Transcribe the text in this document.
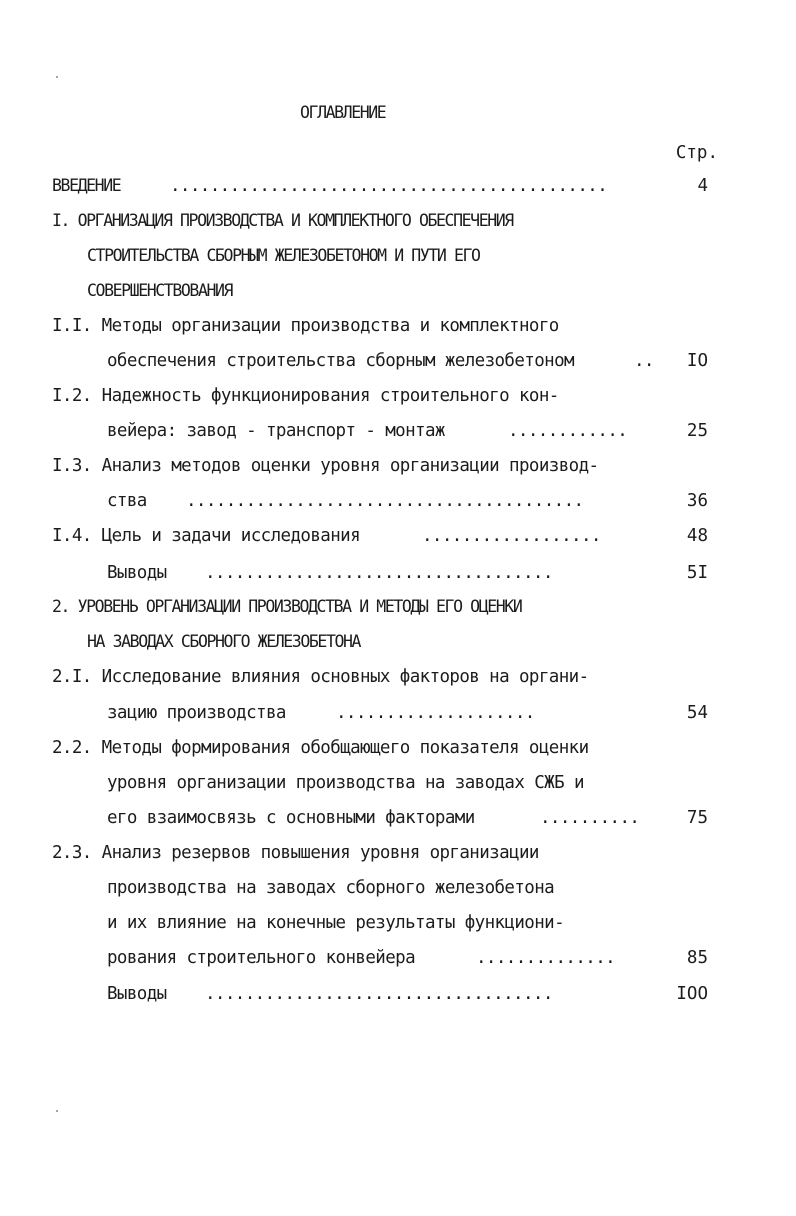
ОГЛАВЛЕНИЕ
Стр.
ВВЕДЕНИЕ	............................................	4
I. ОРГАНИЗАЦИЯ ПРОИЗВОДСТВА И КОМПЛЕКТНОГО ОБЕСПЕЧЕНИЯ
СТРОИТЕЛЬСТВА СБОРНЫМ ЖЕЛЕЗОБЕТОНОМ И ПУТИ ЕГО
СОВЕРШЕНСТВОВАНИЯ
I.I. Методы организации производства и комплектного
обеспечения строительства сборным железобетоном	.. IO
I.2. Надежность функционирования строительного кон-
вейера: завод - транспорт - монтаж	............	25
I.3. Анализ методов оценки уровня организации производ-
ства ........................................	36
I.4. Цель и задачи исследования	..................	48
Выводы ...................................	5I
2. УРОВЕНЬ ОРГАНИЗАЦИИ ПРОИЗВОДСТВА И МЕТОДЫ ЕГО ОЦЕНКИ
НА ЗАВОДАХ СБОРНОГО ЖЕЛЕЗОБЕТОНА
2.I. Исследование влияния основных факторов на органи-
зацию производства	....................	54
2.2. Методы формирования обобщающего показателя оценки
уровня организации производства на заводах СЖБ и
его взаимосвязь с основными факторами	..........	75
2.3. Анализ резервов повышения уровня организации
производства на заводах сборного железобетона
и их влияние на конечные результаты функциони-
рования строительного конвейера	..............	85
Выводы ...................................	IOO
